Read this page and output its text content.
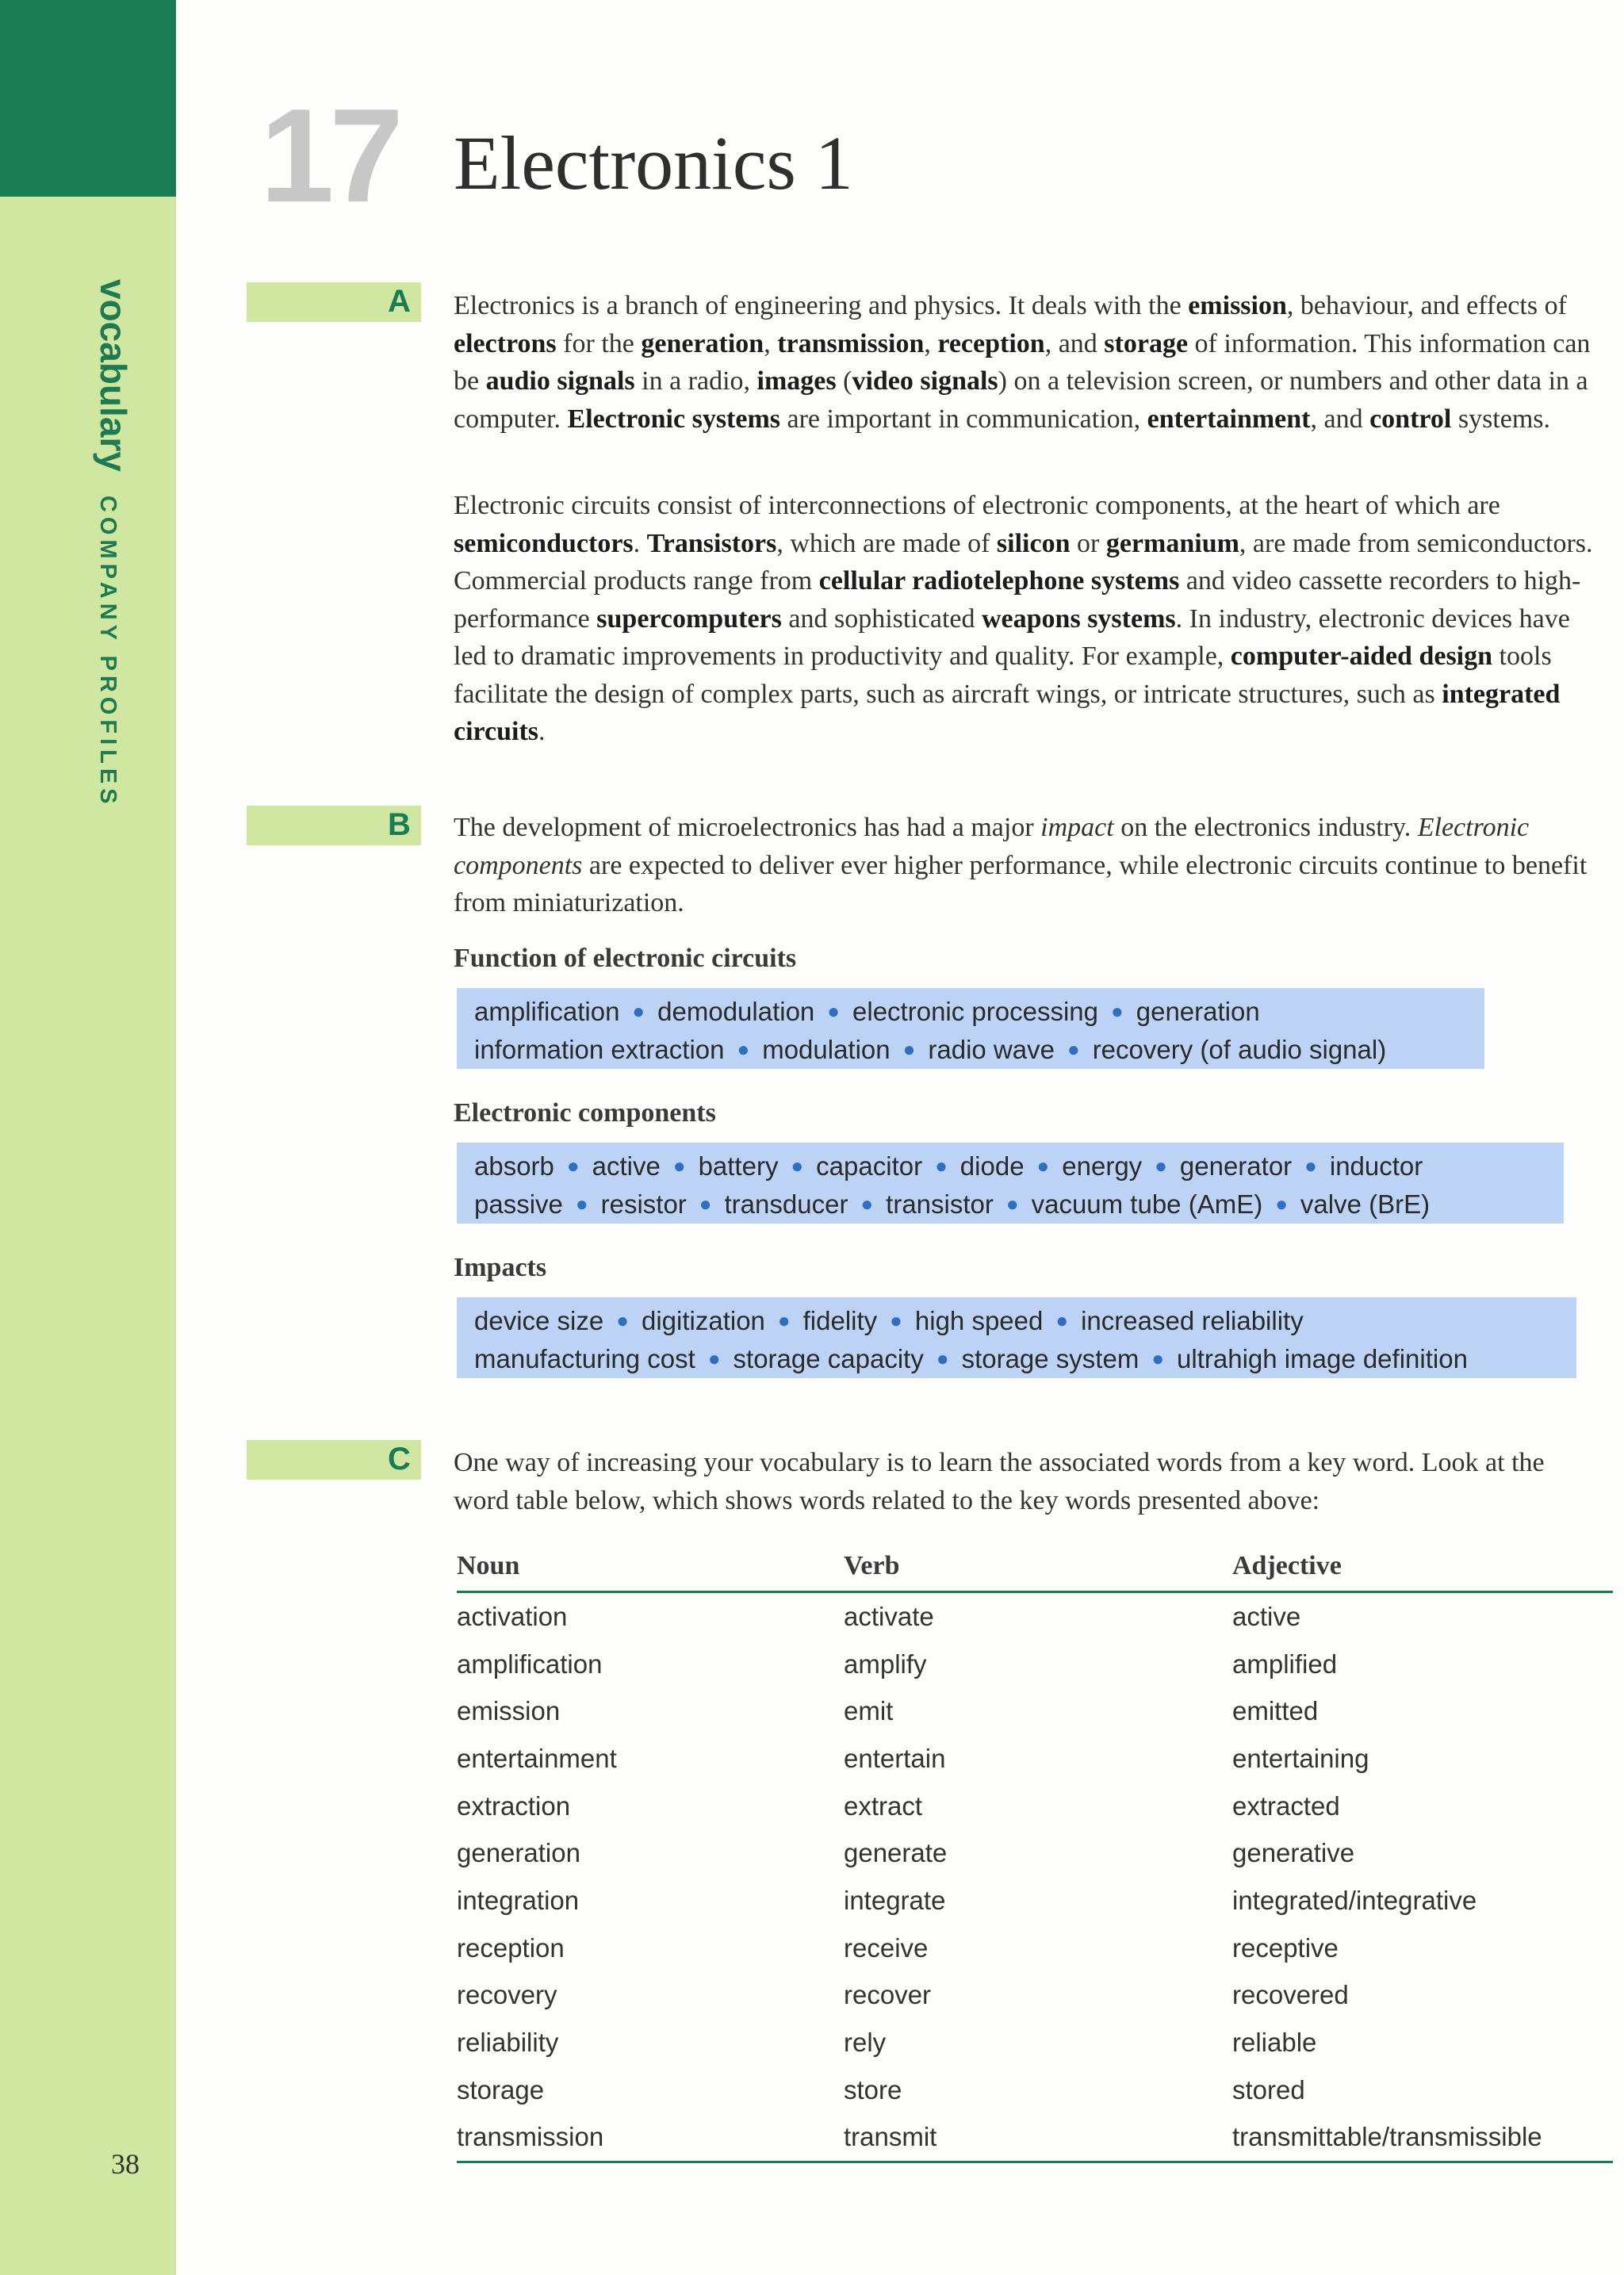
vocabularyCOMPANY PROFILES
38
17 Electronics 1
A Electronics is a branch of engineering and physics. It deals with the emission, behaviour, and effects of electrons for the generation, transmission, reception, and storage of information. This information can be audio signals in a radio, images (video signals) on a television screen, or numbers and other data in a computer. Electronic systems are important in communication, entertainment, and control systems.

Electronic circuits consist of interconnections of electronic components, at the heart of which are semiconductors. Transistors, which are made of silicon or germanium, are made from semiconductors. Commercial products range from cellular radiotelephone systems and video cassette recorders to high-performance supercomputers and sophisticated weapons systems. In industry, electronic devices have led to dramatic improvements in productivity and quality. For example, computer-aided design tools facilitate the design of complex parts, such as aircraft wings, or intricate structures, such as integrated circuits.

B The development of microelectronics has had a major impact on the electronics industry. Electronic components are expected to deliver ever higher performance, while electronic circuits continue to benefit from miniaturization.

Function of electronic circuits
amplification ● demodulation ● electronic processing ● generation
information extraction ● modulation ● radio wave ● recovery (of audio signal)
Electronic components
absorb ● active ● battery ● capacitor ● diode ● energy ● generator ● inductor
passive ● resistor ● transducer ● transistor ● vacuum tube (AmE) ● valve (BrE)
Impacts
device size ● digitization ● fidelity ● high speed ● increased reliability
manufacturing cost ● storage capacity ● storage system ● ultrahigh image definition
C One way of increasing your vocabulary is to learn the associated words from a key word. Look at the word table below, which shows words related to the key words presented above:

Noun	Verb	Adjective
activation	activate	active
amplification	amplify	amplified
emission	emit	emitted
entertainment	entertain	entertaining
extraction	extract	extracted
generation	generate	generative
integration	integrate	integrated/integrative
reception	receive	receptive
recovery	recover	recovered
reliability	rely	reliable
storage	store	stored
transmission	transmit	transmittable/transmissible
